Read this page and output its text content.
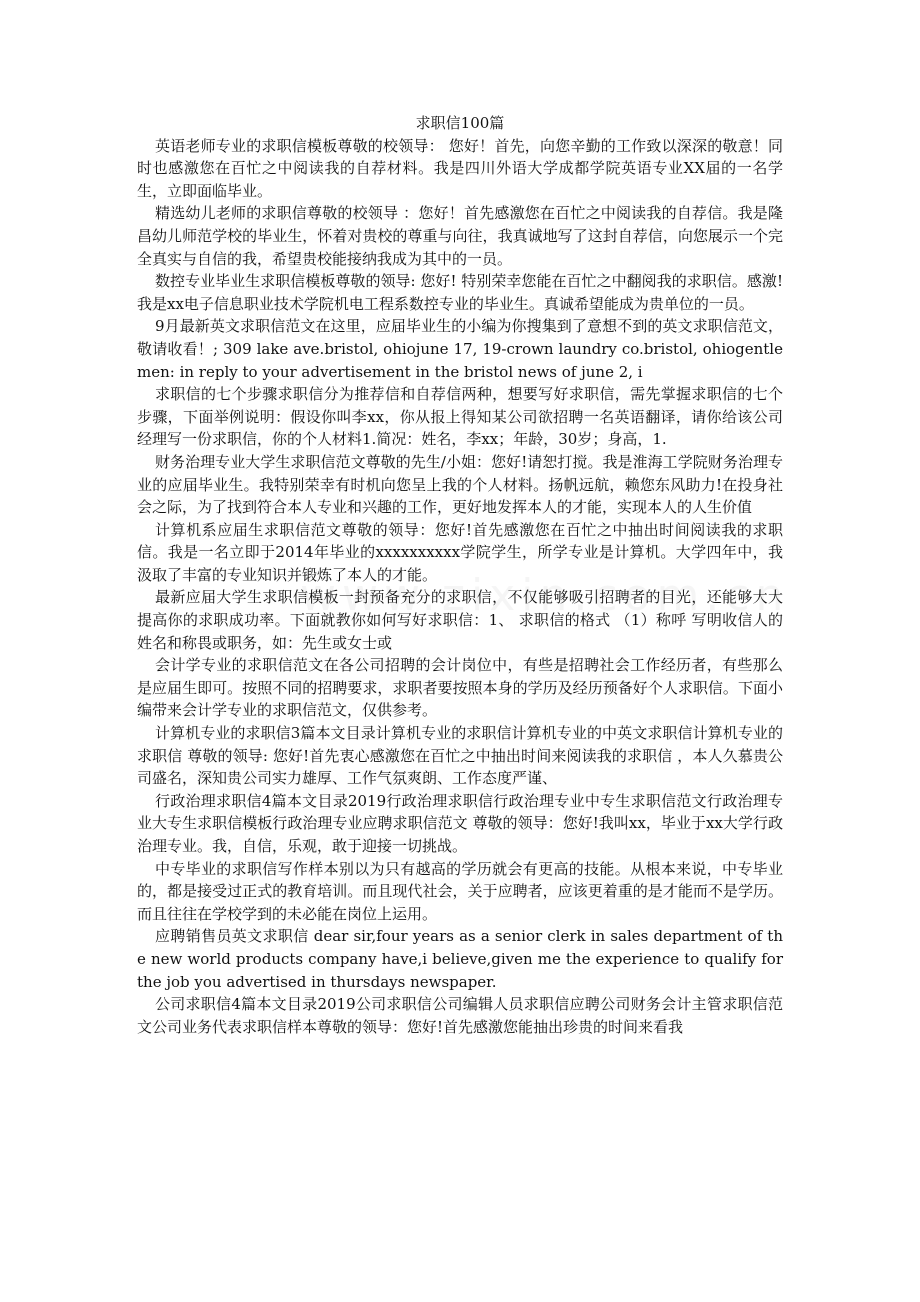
求职信100篇

英语老师专业的求职信模板尊敬的校领导： 您好！首先，向您辛勤的工作致以深深的敬意！同时也感激您在百忙之中阅读我的自荐材料。我是四川外语大学成都学院英语专业XX届的一名学生，立即面临毕业。

精选幼儿老师的求职信尊敬的校领导 ：您好！首先感激您在百忙之中阅读我的自荐信。我是隆昌幼儿师范学校的毕业生，怀着对贵校的尊重与向往，我真诚地写了这封自荐信，向您展示一个完全真实与自信的我，希望贵校能接纳我成为其中的一员。

数控专业毕业生求职信模板尊敬的领导: 您好! 特别荣幸您能在百忙之中翻阅我的求职信。感激!我是xx电子信息职业技术学院机电工程系数控专业的毕业生。真诚希望能成为贵单位的一员。

9月最新英文求职信范文在这里，应届毕业生的小编为你搜集到了意想不到的英文求职信范文，敬请收看！; 309 lake ave.bristol, ohiojune 17, 19-crown laundry co.bristol, ohiogentlemen: in reply to your advertisement in the bristol news of june 2, i

求职信的七个步骤求职信分为推荐信和自荐信两种，想要写好求职信，需先掌握求职信的七个步骤，下面举例说明：假设你叫李xx，你从报上得知某公司欲招聘一名英语翻译，请你给该公司经理写一份求职信，你的个人材料1.简况：姓名，李xx；年龄，30岁；身高，1.

财务治理专业大学生求职信范文尊敬的先生/小姐：您好!请恕打搅。我是淮海工学院财务治理专业的应届毕业生。我特别荣幸有时机向您呈上我的个人材料。扬帆远航，赖您东风助力!在投身社会之际，为了找到符合本人专业和兴趣的工作，更好地发挥本人的才能，实现本人的人生价值

计算机系应届生求职信范文尊敬的领导：您好!首先感激您在百忙之中抽出时间阅读我的求职信。我是一名立即于2014年毕业的xxxxxxxxxx学院学生，所学专业是计算机。大学四年中，我汲取了丰富的专业知识并锻炼了本人的才能。

最新应届大学生求职信模板一封预备充分的求职信，不仅能够吸引招聘者的目光，还能够大大提高你的求职成功率。下面就教你如何写好求职信：1、 求职信的格式 （1）称呼 写明收信人的姓名和称畏或职务，如：先生或女士或

会计学专业的求职信范文在各公司招聘的会计岗位中，有些是招聘社会工作经历者，有些那么是应届生即可。按照不同的招聘要求，求职者要按照本身的学历及经历预备好个人求职信。下面小编带来会计学专业的求职信范文，仅供参考。

计算机专业的求职信3篇本文目录计算机专业的求职信计算机专业的中英文求职信计算机专业的求职信 尊敬的领导: 您好!首先衷心感激您在百忙之中抽出时间来阅读我的求职信 ，本人久慕贵公司盛名，深知贵公司实力雄厚、工作气氛爽朗、工作态度严谨、

行政治理求职信4篇本文目录2019行政治理求职信行政治理专业中专生求职信范文行政治理专业大专生求职信模板行政治理专业应聘求职信范文 尊敬的领导：您好!我叫xx，毕业于xx大学行政治理专业。我，自信，乐观，敢于迎接一切挑战。

中专毕业的求职信写作样本别以为只有越高的学历就会有更高的技能。从根本来说，中专毕业的，都是接受过正式的教育培训。而且现代社会，关于应聘者，应该更着重的是才能而不是学历。而且往往在学校学到的未必能在岗位上运用。

应聘销售员英文求职信 dear sir,four years as a senior clerk in sales department of the new world products company have,i believe,given me the experience to qualify for the job you advertised in thursdays newspaper.

公司求职信4篇本文目录2019公司求职信公司编辑人员求职信应聘公司财务会计主管求职信范文公司业务代表求职信样本尊敬的领导：您好!首先感激您能抽出珍贵的时间来看我
